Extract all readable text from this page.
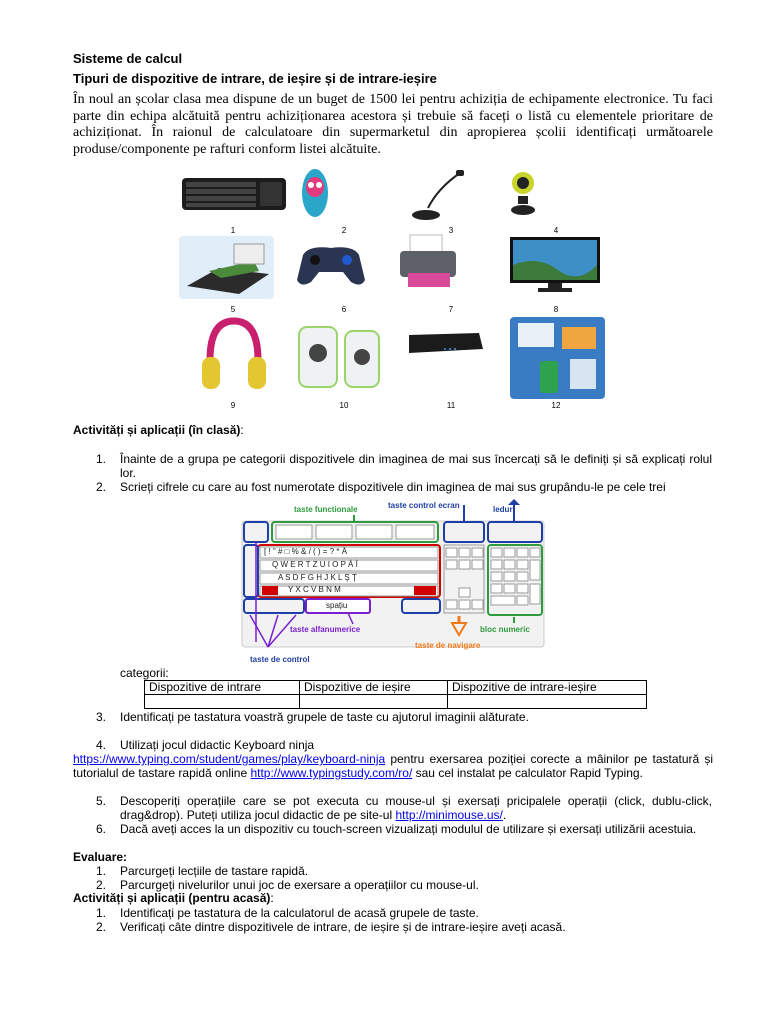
Sisteme de calcul
Tipuri de dispozitive de intrare, de ieșire și de intrare-ieșire
În noul an școlar clasa mea dispune de un buget de 1500 lei pentru achiziția de echipamente electronice. Tu faci parte din echipa alcătuită pentru achiziționarea acestora și trebuie să faceți o listă cu elementele prioritare de achiziționat. În raionul de calculatoare din supermarketul din apropierea școlii identificați următoarele produse/componente pe rafturi conform listei alcătuite.
1	2	3	4
5	6	7	8
9	10	11	12
Activități și aplicații (în clasă):
1. Înainte de a grupa pe categorii dispozitivele din imaginea de mai sus încercați să le definiți și să explicați rolul lor.
2. Scrieți cifrele cu care au fost numerotate dispozitivele din imaginea de mai sus grupându-le pe cele trei
taste functionale	taste control ecran	leduri
[ ! " # □ % & / ( ) = ? * Ă
Q W E R T Z U I O P Ă Î
A S D F G H J K L Ş Ţ
Y X C V B N M
spațiu
taste alfanumerice	bloc numeric
taste de navigare
taste de control
categorii:
Dispozitive de intrare	Dispozitive de ieșire	Dispozitive de intrare-ieșire

3. Identificați pe tastatura voastră grupele de taste cu ajutorul imaginii alăturate.
4. Utilizați jocul didactic Keyboard ninja
https://www.typing.com/student/games/play/keyboard-ninja pentru exersarea poziției corecte a mâinilor pe tastatură și tutorialul de tastare rapidă online http://www.typingstudy.com/ro/ sau cel instalat pe calculator Rapid Typing.
5. Descoperiți operațiile care se pot executa cu mouse-ul și exersați pricipalele operații (click, dublu-click, drag&drop). Puteți utiliza jocul didactic de pe site-ul http://minimouse.us/.
6. Dacă aveți acces la un dispozitiv cu touch-screen vizualizați modulul de utilizare și exersați utilizării acestuia.
Evaluare:
1. Parcurgeți lecțiile de tastare rapidă.
2. Parcurgeți nivelurilor unui joc de exersare a operațiilor cu mouse-ul.
Activități și aplicații (pentru acasă):
1. Identificați pe tastatura de la calculatorul de acasă grupele de taste.
2. Verificați câte dintre dispozitivele de intrare, de ieșire și de intrare-ieșire aveți acasă.
